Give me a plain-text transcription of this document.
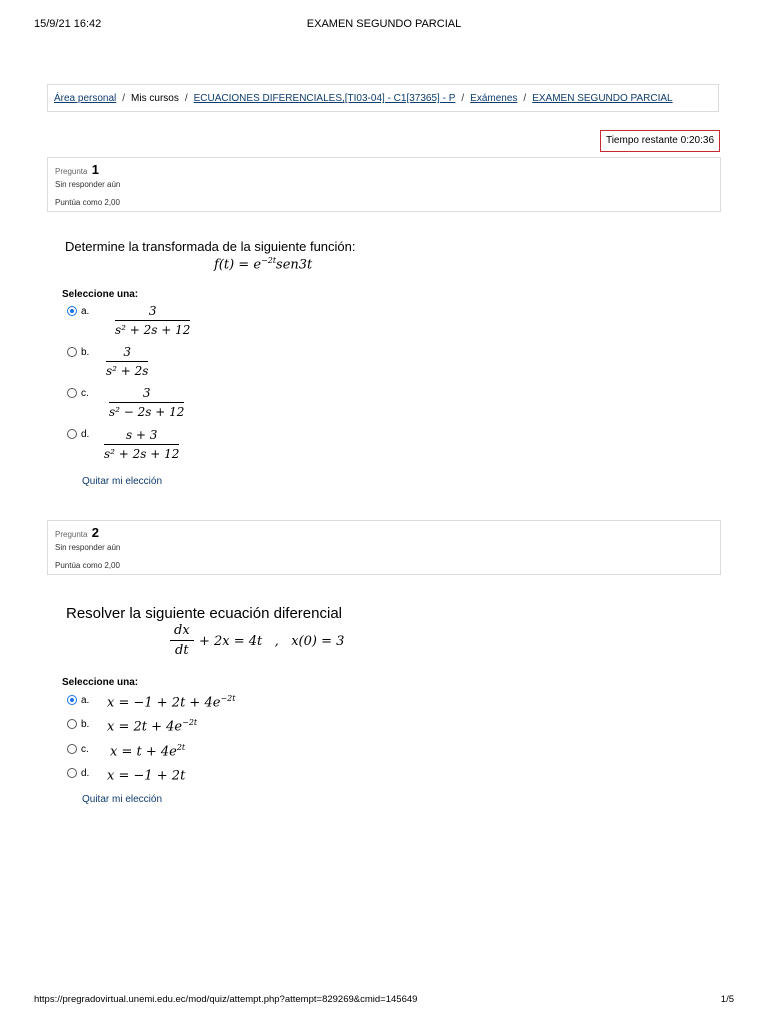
15/9/21 16:42	EXAMEN SEGUNDO PARCIAL
Área personal / Mis cursos / ECUACIONES DIFERENCIALES,[TI03-04] - C1[37365] - P / Exámenes / EXAMEN SEGUNDO PARCIAL
Tiempo restante 0:20:36
Pregunta 1
Sin responder aún
Puntúa como 2,00
Determine la transformada de la siguiente función:
$f(t) = e^{-2t}sen3t$
Seleccione una:
a. $\frac{3}{\text{s² + 2s + 12}}$
b. $\frac{3}{\text{s² + 2s}}$
c. $\frac{3}{\text{s² − 2s + 12}}$
d. $\frac{s + 3}{\text{s² + 2s + 12}}$
Quitar mi elección
Pregunta 2
Sin responder aún
Puntúa como 2,00
Resolver la siguiente ecuación diferencial
$\frac{dx}{dt} + 2x = 4t$   ,   x(0) = 3
Seleccione una:
a. $x = -1 + 2t + 4e^{-2t}$
b. $x = 2t + 4e^{-2t}$
c. $x = t + 4e^{2t}$
d. x = −1 + 2t
Quitar mi elección
https://pregradovirtual.unemi.edu.ec/mod/quiz/attempt.php?attempt=829269&cmid=145649	1/5
